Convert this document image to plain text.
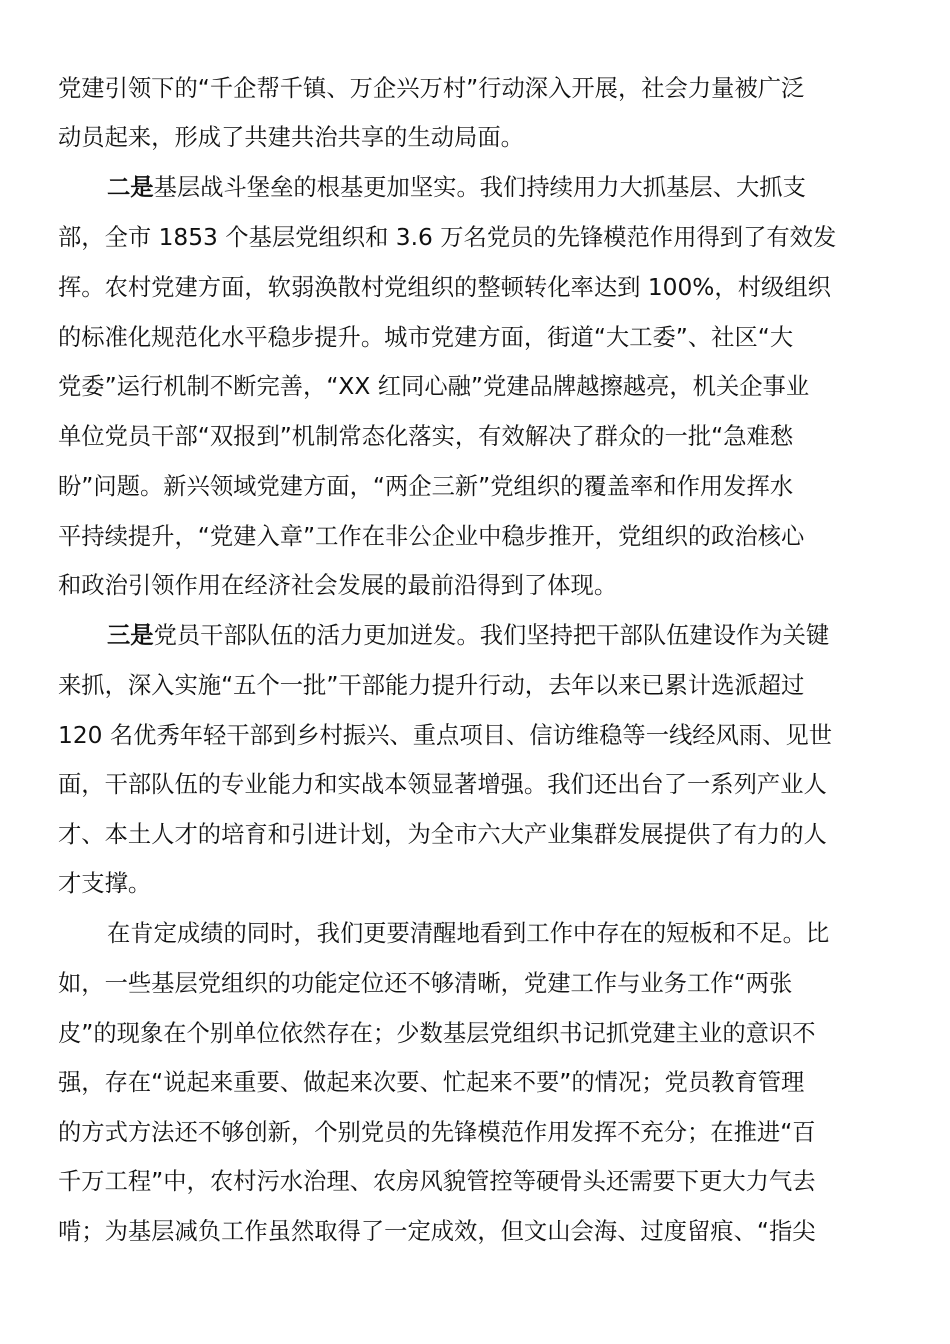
党建引领下的“千企帮千镇、万企兴万村”行动深入开展，社会力量被广泛
动员起来，形成了共建共治共享的生动局面。
二是基层战斗堡垒的根基更加坚实。我们持续用力大抓基层、大抓支
部，全市 1853 个基层党组织和 3.6 万名党员的先锋模范作用得到了有效发
挥。农村党建方面，软弱涣散村党组织的整顿转化率达到 100%，村级组织
的标准化规范化水平稳步提升。城市党建方面，街道“大工委”、社区“大
党委”运行机制不断完善，“XX 红同心融”党建品牌越擦越亮，机关企事业
单位党员干部“双报到”机制常态化落实，有效解决了群众的一批“急难愁
盼”问题。新兴领域党建方面，“两企三新”党组织的覆盖率和作用发挥水
平持续提升，“党建入章”工作在非公企业中稳步推开，党组织的政治核心
和政治引领作用在经济社会发展的最前沿得到了体现。
三是党员干部队伍的活力更加迸发。我们坚持把干部队伍建设作为关键
来抓，深入实施“五个一批”干部能力提升行动，去年以来已累计选派超过
120 名优秀年轻干部到乡村振兴、重点项目、信访维稳等一线经风雨、见世
面，干部队伍的专业能力和实战本领显著增强。我们还出台了一系列产业人
才、本土人才的培育和引进计划，为全市六大产业集群发展提供了有力的人
才支撑。
在肯定成绩的同时，我们更要清醒地看到工作中存在的短板和不足。比
如，一些基层党组织的功能定位还不够清晰，党建工作与业务工作“两张
皮”的现象在个别单位依然存在；少数基层党组织书记抓党建主业的意识不
强，存在“说起来重要、做起来次要、忙起来不要”的情况；党员教育管理
的方式方法还不够创新，个别党员的先锋模范作用发挥不充分；在推进“百
千万工程”中，农村污水治理、农房风貌管控等硬骨头还需要下更大力气去
啃；为基层减负工作虽然取得了一定成效，但文山会海、过度留痕、“指尖
